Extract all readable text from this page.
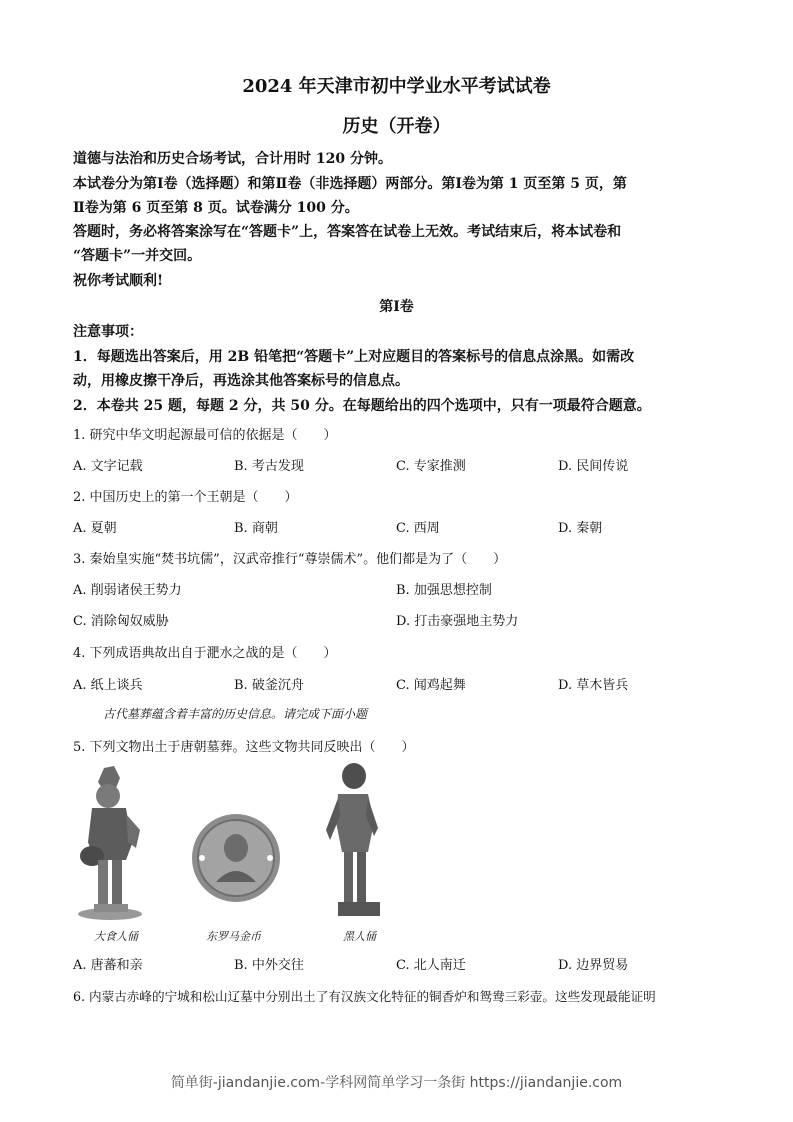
2024 年天津市初中学业水平考试试卷
历史（开卷）
道德与法治和历史合场考试，合计用时 120 分钟。
本试卷分为第Ⅰ卷（选择题）和第Ⅱ卷（非选择题）两部分。第Ⅰ卷为第 1 页至第 5 页，第
Ⅱ卷为第 6 页至第 8 页。试卷满分 100 分。
答题时，务必将答案涂写在“答题卡”上，答案答在试卷上无效。考试结束后，将本试卷和
“答题卡”一并交回。
祝你考试顺利!
第Ⅰ卷
注意事项：
1．每题选出答案后，用 2B 铅笔把“答题卡”上对应题目的答案标号的信息点涂黑。如需改
动，用橡皮擦干净后，再选涂其他答案标号的信息点。
2．本卷共 25 题，每题 2 分，共 50 分。在每题给出的四个选项中，只有一项最符合题意。
1. 研究中华文明起源最可信的依据是（　　）
A. 文字记载	B. 考古发现	C. 专家推测	D. 民间传说
2. 中国历史上的第一个王朝是（　　）
A. 夏朝	B. 商朝	C. 西周	D. 秦朝
3. 秦始皇实施“焚书坑儒”，汉武帝推行“尊崇儒术”。他们都是为了（　　）
A. 削弱诸侯王势力	B. 加强思想控制
C. 消除匈奴威胁	D. 打击豪强地主势力
4. 下列成语典故出自于淝水之战的是（　　）
A. 纸上谈兵	B. 破釜沉舟	C. 闻鸡起舞	D. 草木皆兵
古代墓葬蕴含着丰富的历史信息。请完成下面小题
5. 下列文物出土于唐朝墓葬。这些文物共同反映出（　　）
大食人俑	东罗马金币	黑人俑
A. 唐蕃和亲	B. 中外交往	C. 北人南迁	D. 边界贸易
6. 内蒙古赤峰的宁城和松山辽墓中分别出土了有汉族文化特征的铜香炉和鸳鸯三彩壶。这些发现最能证明
简单街-jiandanjie.com-学科网简单学习一条街 https://jiandanjie.com
